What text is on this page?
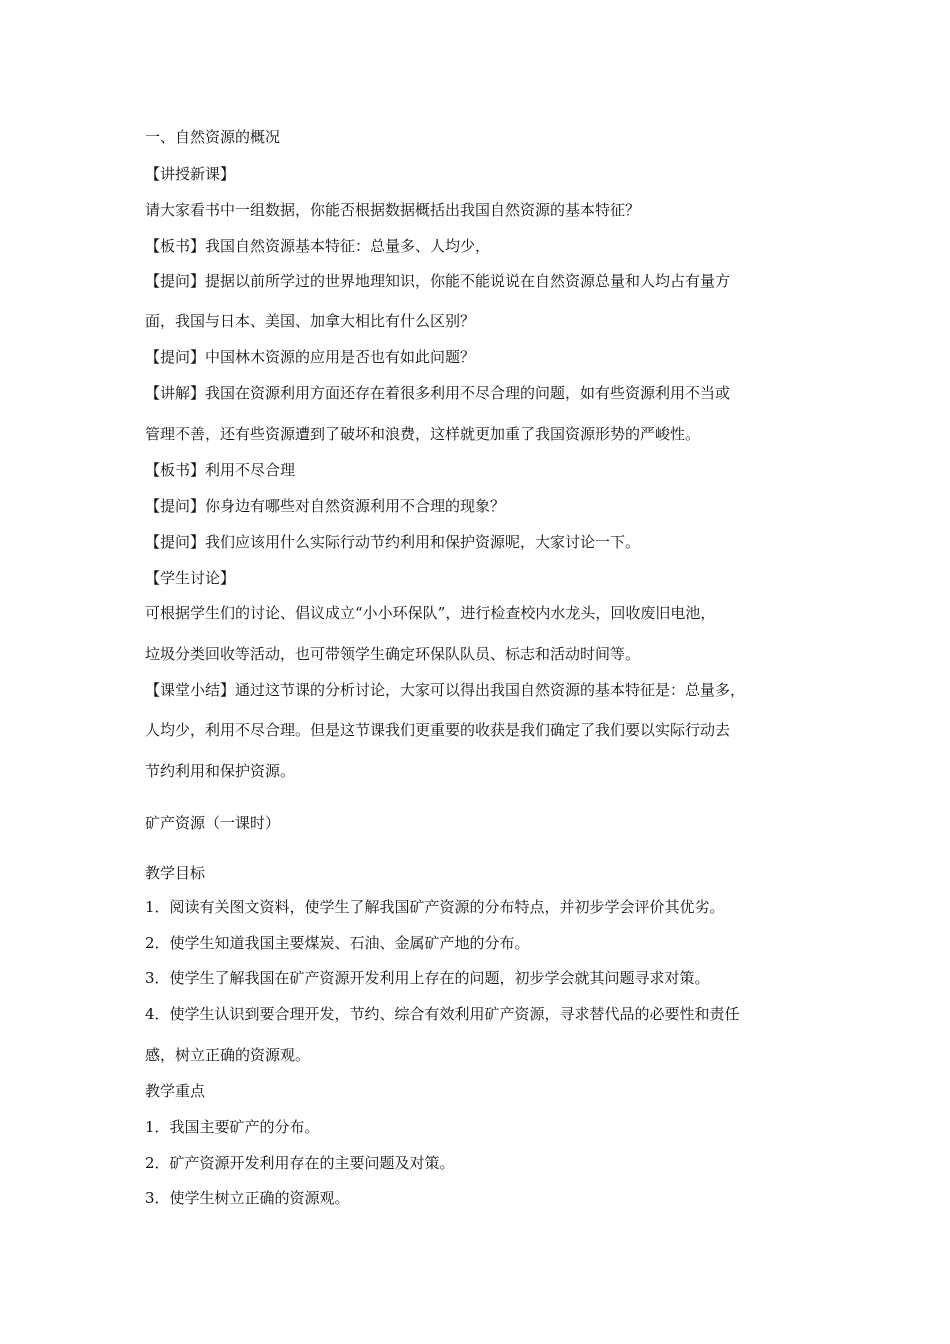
一、自然资源的概况
【讲授新课】
请大家看书中一组数据，你能否根据数据概括出我国自然资源的基本特征？
【板书】我国自然资源基本特征：总量多、人均少，
【提问】提据以前所学过的世界地理知识，你能不能说说在自然资源总量和人均占有量方
面，我国与日本、美国、加拿大相比有什么区别？
【提问】中国林木资源的应用是否也有如此问题？
【讲解】我国在资源利用方面还存在着很多利用不尽合理的问题，如有些资源利用不当或
管理不善，还有些资源遭到了破坏和浪费，这样就更加重了我国资源形势的严峻性。
【板书】利用不尽合理
【提问】你身边有哪些对自然资源利用不合理的现象？
【提问】我们应该用什么实际行动节约利用和保护资源呢，大家讨论一下。
【学生讨论】
可根据学生们的讨论、倡议成立“小小环保队”，进行检查校内水龙头，回收废旧电池，
垃圾分类回收等活动，也可带领学生确定环保队队员、标志和活动时间等。
【课堂小结】通过这节课的分析讨论，大家可以得出我国自然资源的基本特征是：总量多，
人均少，利用不尽合理。但是这节课我们更重要的收获是我们确定了我们要以实际行动去
节约利用和保护资源。
矿产资源（一课时）
教学目标
1．阅读有关图文资料，使学生了解我国矿产资源的分布特点，并初步学会评价其优劣。
2．使学生知道我国主要煤炭、石油、金属矿产地的分布。
3．使学生了解我国在矿产资源开发利用上存在的问题，初步学会就其问题寻求对策。
4．使学生认识到要合理开发，节约、综合有效利用矿产资源，寻求替代品的必要性和责任
感，树立正确的资源观。
教学重点
1．我国主要矿产的分布。
2．矿产资源开发利用存在的主要问题及对策。
3．使学生树立正确的资源观。
